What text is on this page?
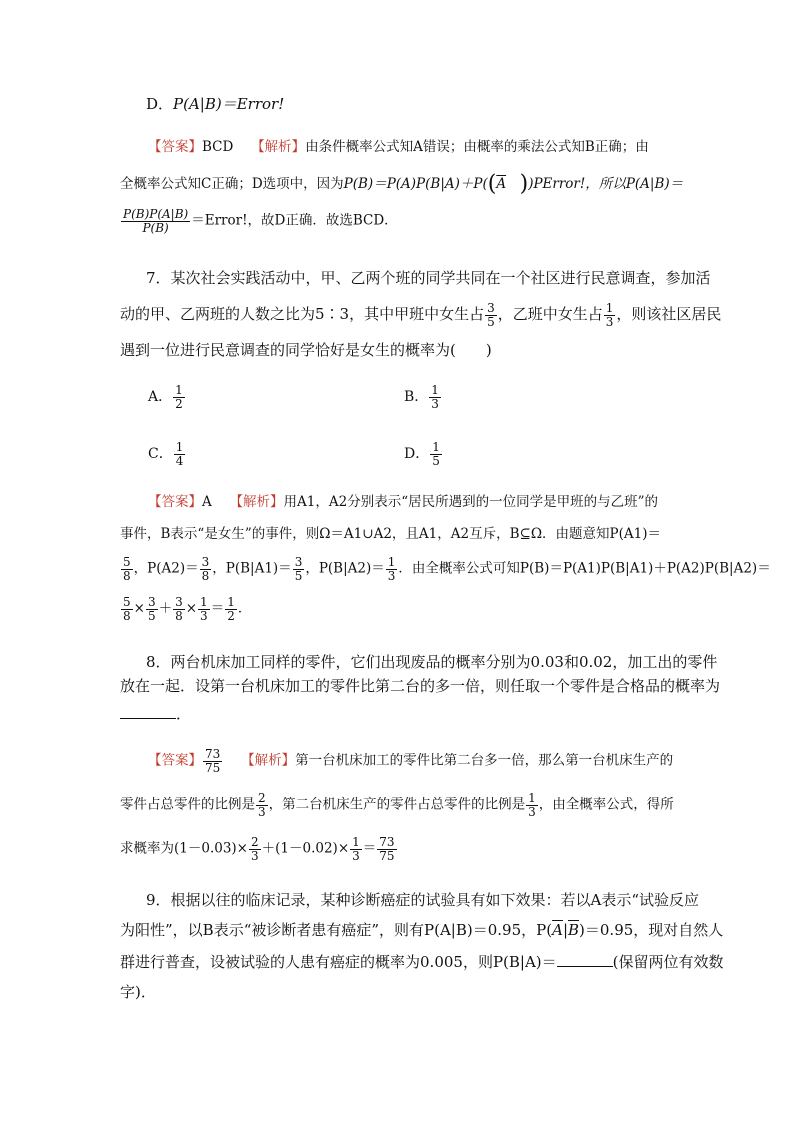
D．P(A|B)＝Error!
【答案】BCD　 【解析】由条件概率公式知A错误；由概率的乘法公式知B正确；由
全概率公式知C正确；D选项中，因为$P(B)=P(A)P(B|A)+P((\overline{A}$　 ))PError!，所以P(A|B)＝
$\frac{P(B)P(A|B)}{P(B)}$ ＝Error!，故D正确．故选BCD．
7．某次社会实践活动中，甲、乙两个班的同学共同在一个社区进行民意调查，参加活
动的甲、乙两班的人数之比为5∶3，其中甲班中女生占 $\frac{3}{5}$ ，乙班中女生占 $\frac{1}{3}$ ，则该社区居民
遇到一位进行民意调查的同学恰好是女生的概率为(　　)
A． $\frac{1}{2}$	B． $\frac{1}{3}$
C． $\frac{1}{4}$	D． $\frac{1}{5}$
【答案】A　 【解析】用A1，A2分别表示“居民所遇到的一位同学是甲班的与乙班”的
事件，B表示“是女生”的事件，则Ω＝A1∪A2，且A1，A2互斥，B⊆Ω．由题意知P(A1)＝
$\frac{5}{8}$ ，$P(A2)= \frac{3}{8}$ ，$P(B|A1)= \frac{3}{5}$ ，$P(B|A2)= \frac{1}{3}$ ．由全概率公式可知P(B)＝P(A1)P(B|A1)＋P(A2)P(B|A2)＝
$\frac{5}{8} \times \frac{3}{5} + \frac{3}{8} \times \frac{1}{3} = \frac{1}{2}$ ．
8．两台机床加工同样的零件，它们出现废品的概率分别为0.03和0.02，加工出的零件
放在一起．设第一台机床加工的零件比第二台的多一倍，则任取一个零件是合格品的概率为
．
【答案】 $\frac{73}{75}$
　 【解析】第一台机床加工的零件比第二台多一倍，那么第一台机床生产的
零件占总零件的比例是 $\frac{2}{3}$ ，第二台机床生产的零件占总零件的比例是 $\frac{1}{3}$ ，由全概率公式，得所
求概率为$(1-0.03)\times \frac{2}{3} +(1-0.02)\times \frac{1}{3} = \frac{73}{75}$
9．根据以往的临床记录，某种诊断癌症的试验具有如下效果：若以A表示“试验反应
为阳性”，以B表示“被诊断者患有癌症”，则有P(A|B)＝0.95，$P(\overline{A}|\overline{B})=0.95$，现对自然人
群进行普查，设被试验的人患有癌症的概率为0.005，则P(B|A)＝	(保留两位有效数
字)．
